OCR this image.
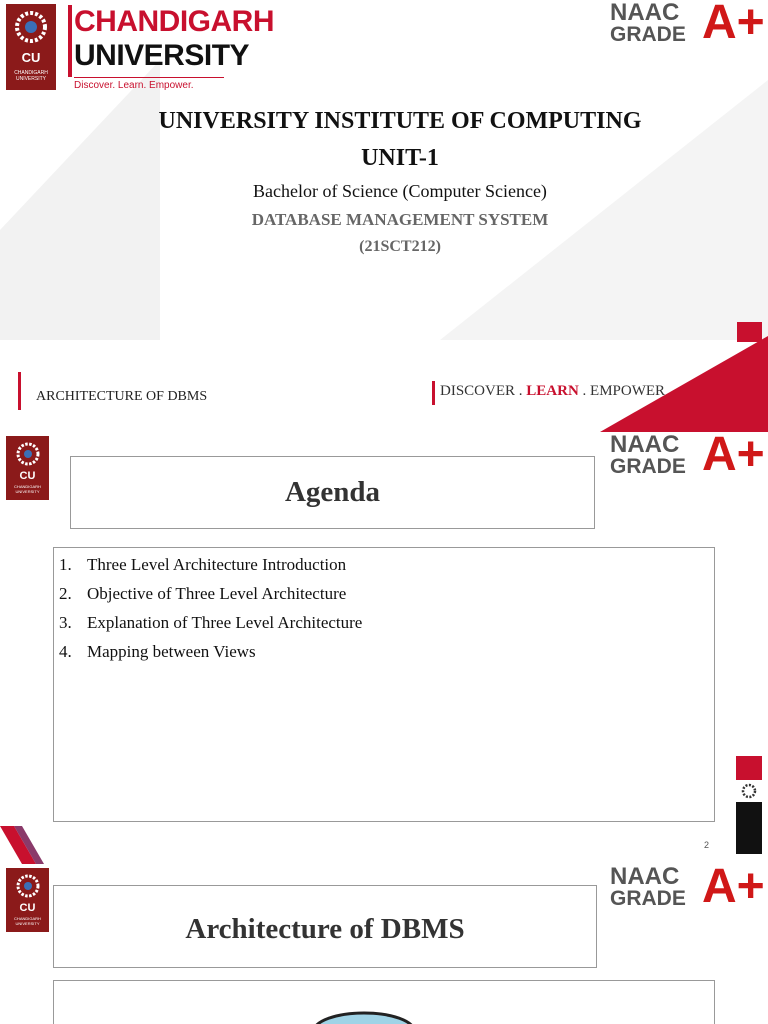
CU
CHANDIGARH UNIVERSITY
CHANDIGARH
UNIVERSITY
Discover. Learn. Empower.
NAAC
GRADE A+
UNIVERSITY INSTITUTE OF COMPUTING
UNIT-1
Bachelor of Science (Computer Science)
DATABASE MANAGEMENT SYSTEM
(21SCT212)
ARCHITECTURE OF DBMS	DISCOVER . LEARN . EMPOWER
CU
CHANDIGARH UNIVERSITY
NAAC
GRADE A+
Agenda
1. Three Level Architecture Introduction
2. Objective of Three Level Architecture
3. Explanation of Three Level Architecture
4. Mapping between Views
2
CU
CHANDIGARH UNIVERSITY
NAAC
GRADE A+
Architecture of DBMS
